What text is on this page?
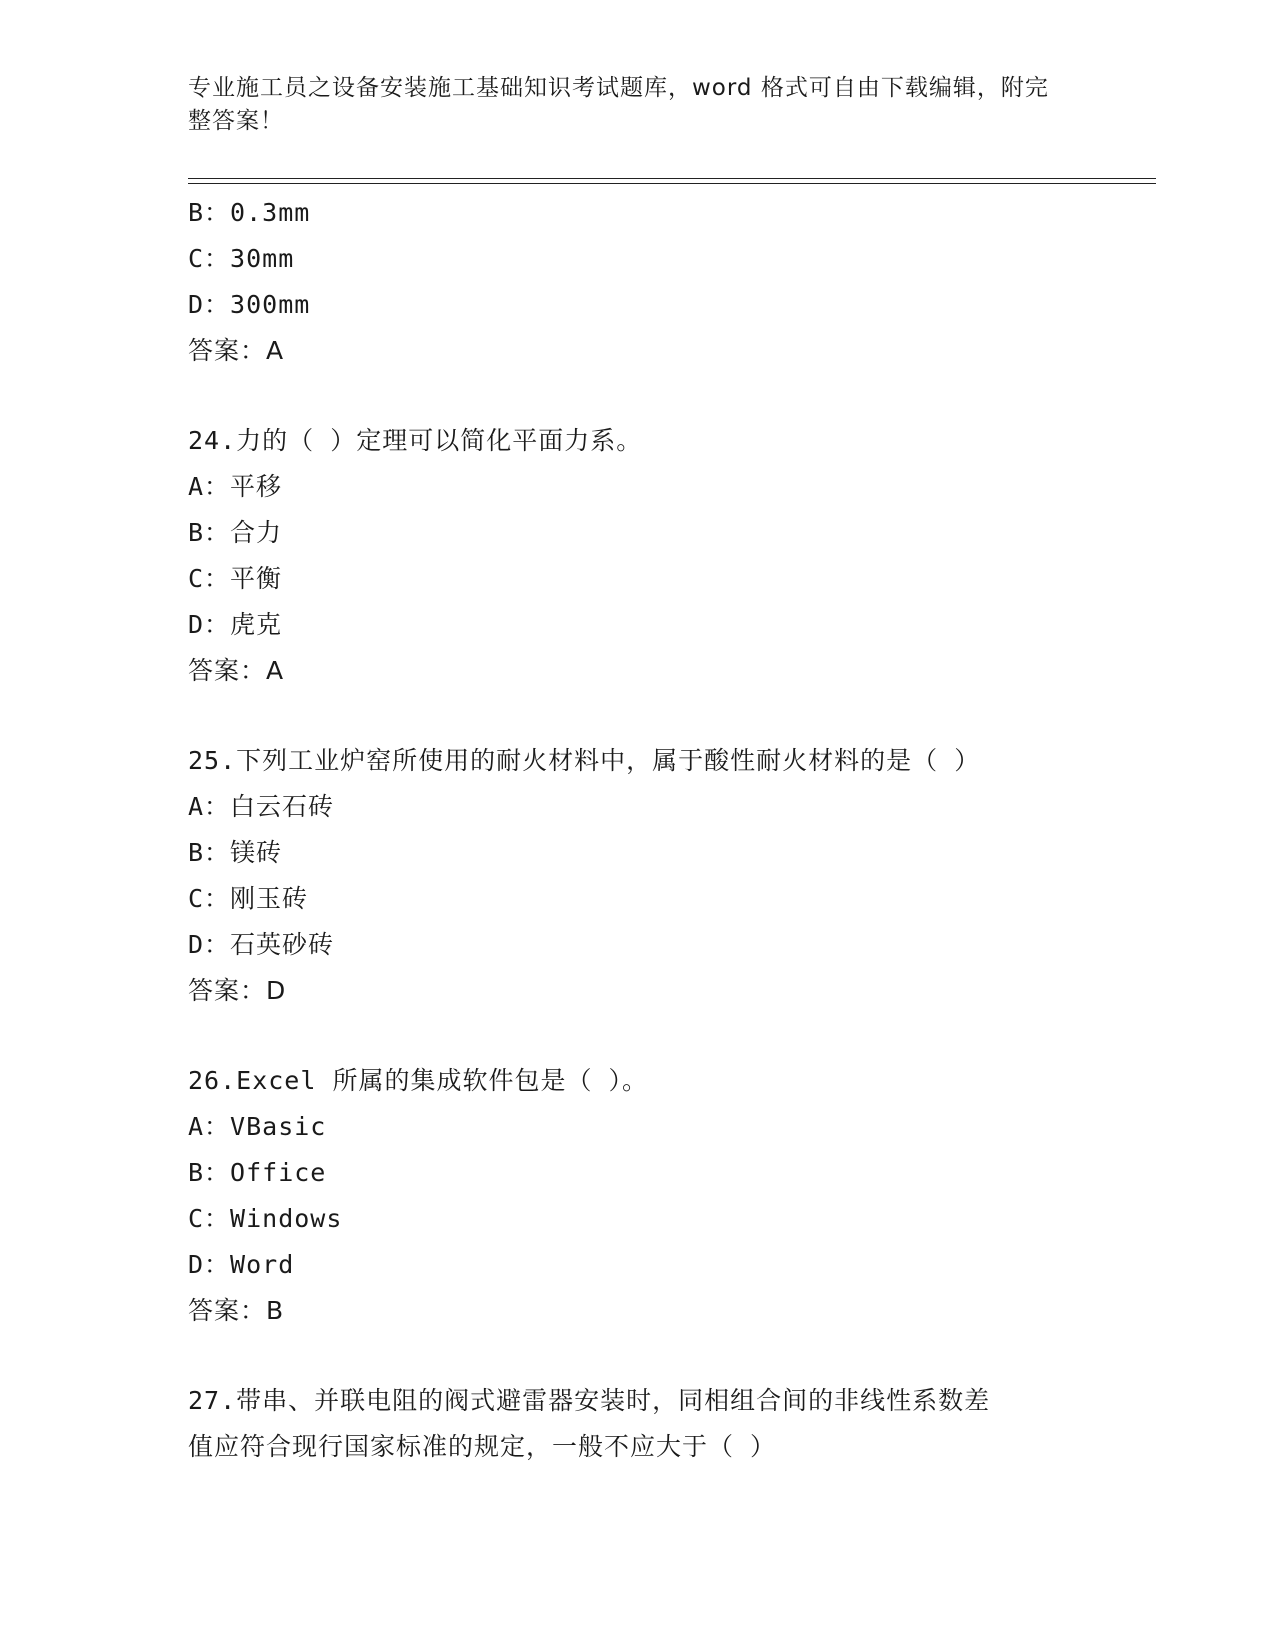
专业施工员之设备安装施工基础知识考试题库，word 格式可自由下载编辑，附完
整答案！
B：0.3mm
C：30mm
D：300mm
答案：A
24.力的（ ）定理可以简化平面力系。
A：平移
B：合力
C：平衡
D：虎克
答案：A
25.下列工业炉窑所使用的耐火材料中，属于酸性耐火材料的是（ ）
A：白云石砖
B：镁砖
C：刚玉砖
D：石英砂砖
答案：D
26.Excel 所属的集成软件包是（ ）。
A：VBasic
B：Office
C：Windows
D：Word
答案：B
27.带串、并联电阻的阀式避雷器安装时，同相组合间的非线性系数差
值应符合现行国家标准的规定，一般不应大于（ ）
